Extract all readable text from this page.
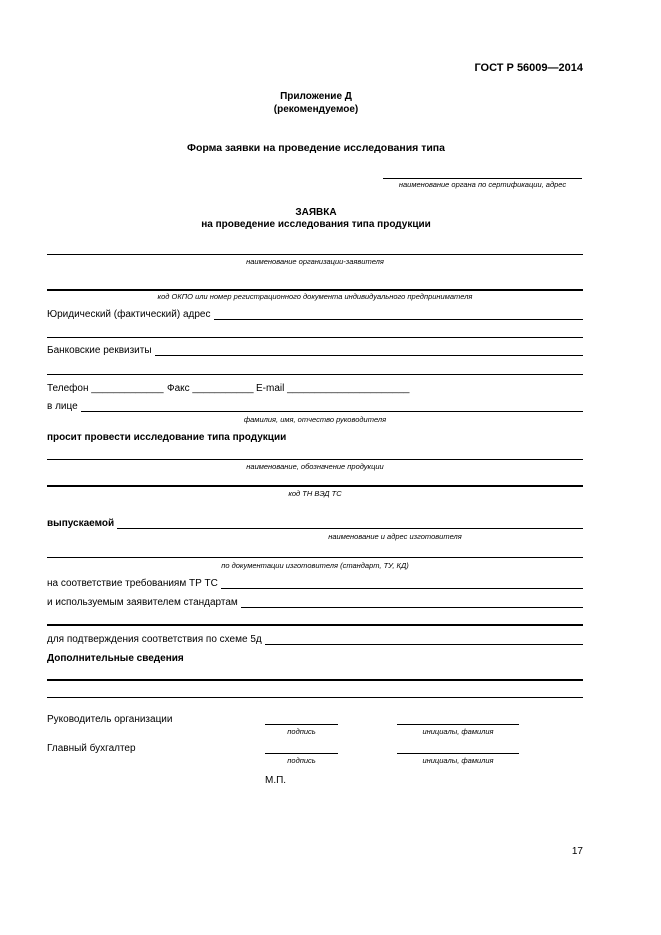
ГОСТ Р 56009—2014
Приложение Д
(рекомендуемое)
Форма заявки на проведение исследования типа
наименование органа по сертификации, адрес
ЗАЯВКА
на проведение исследования типа продукции
наименование организации-заявителя
код ОКПО или номер регистрационного документа индивидуального предпринимателя
Юридический (фактический) адрес
Банковские реквизиты
Телефон _____________ Факс ___________ E-mail ______________________
в лице
фамилия, имя, отчество руководителя
просит провести исследование типа продукции
наименование, обозначение продукции
код ТН ВЭД ТС
выпускаемой
наименование и адрес изготовителя
по документации изготовителя (стандарт, ТУ, КД)
на соответствие требованиям ТР ТС
и используемым заявителем стандартам
для подтверждения соответствия по схеме 5д
Дополнительные сведения
Руководитель организации
подпись	инициалы, фамилия
Главный бухгалтер
подпись	инициалы, фамилия
М.П.
17
